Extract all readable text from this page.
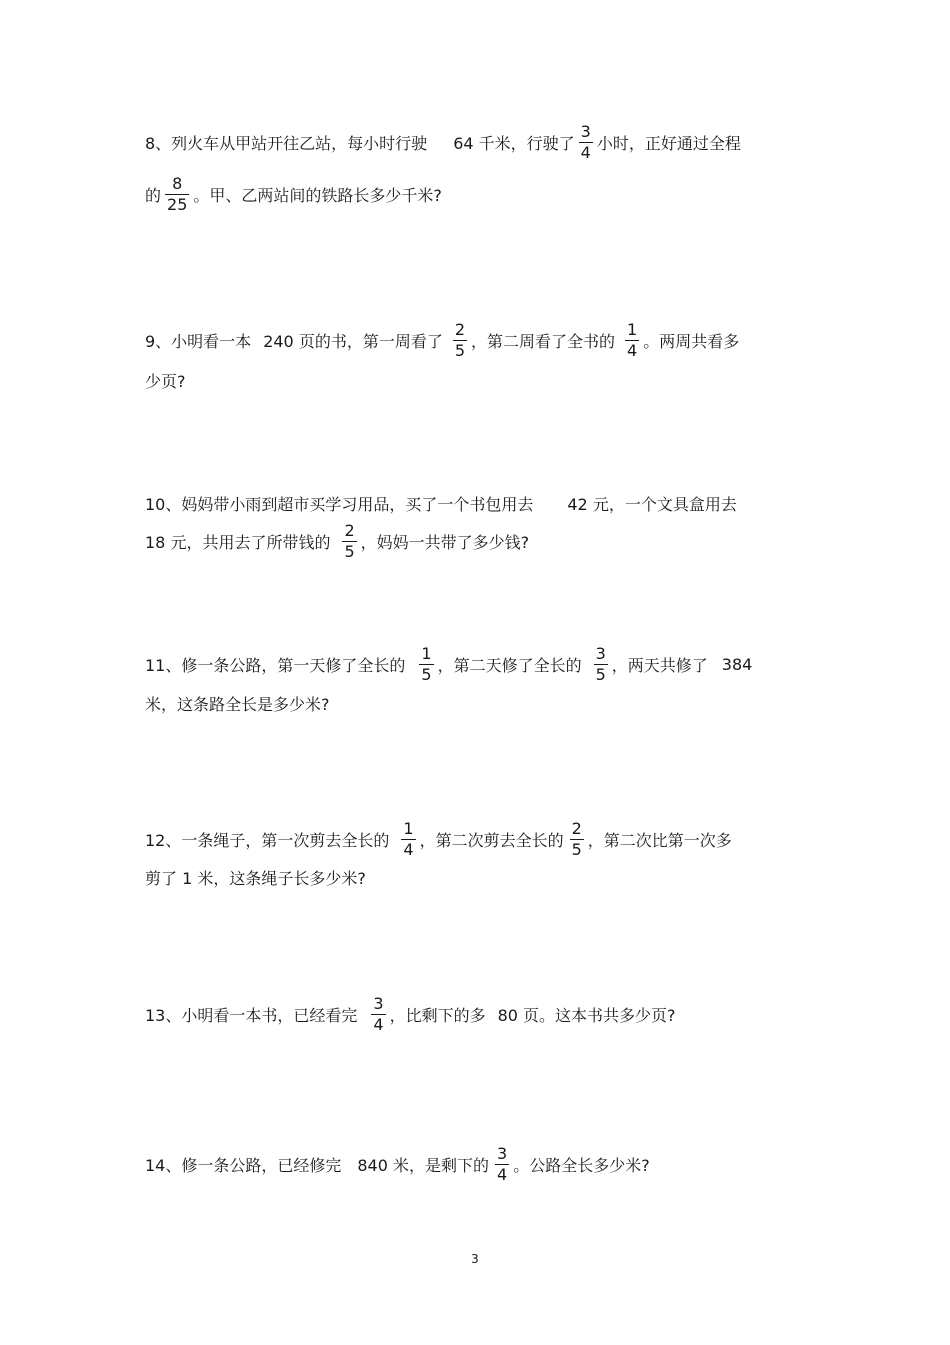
8、列火车从甲站开往乙站，每小时行驶 64 千米，行驶了 $\frac{3}{4}$ 小时，正好通过全程
的 $\frac{8}{25}$ 。甲、乙两站间的铁路长多少千米?
9、小明看一本 240 页的书，第一周看了 $\frac{2}{5}$ ，第二周看了全书的 $\frac{1}{4}$ 。两周共看多
少页?
10、妈妈带小雨到超市买学习用品，买了一个书包用去 42 元，一个文具盒用去
18 元，共用去了所带钱的 $\frac{2}{5}$ ，妈妈一共带了多少钱?
11、修一条公路，第一天修了全长的 $\frac{1}{5}$ ，第二天修了全长的 $\frac{3}{5}$ ，两天共修了 384
米，这条路全长是多少米?
12、一条绳子，第一次剪去全长的 $\frac{1}{4}$ ，第二次剪去全长的 $\frac{2}{5}$ ，第二次比第一次多
剪了 1 米，这条绳子长多少米?
13、小明看一本书，已经看完 $\frac{3}{4}$ ，比剩下的多 80 页。这本书共多少页?
14、修一条公路，已经修完 840 米，是剩下的 $\frac{3}{4}$ 。公路全长多少米?
3
